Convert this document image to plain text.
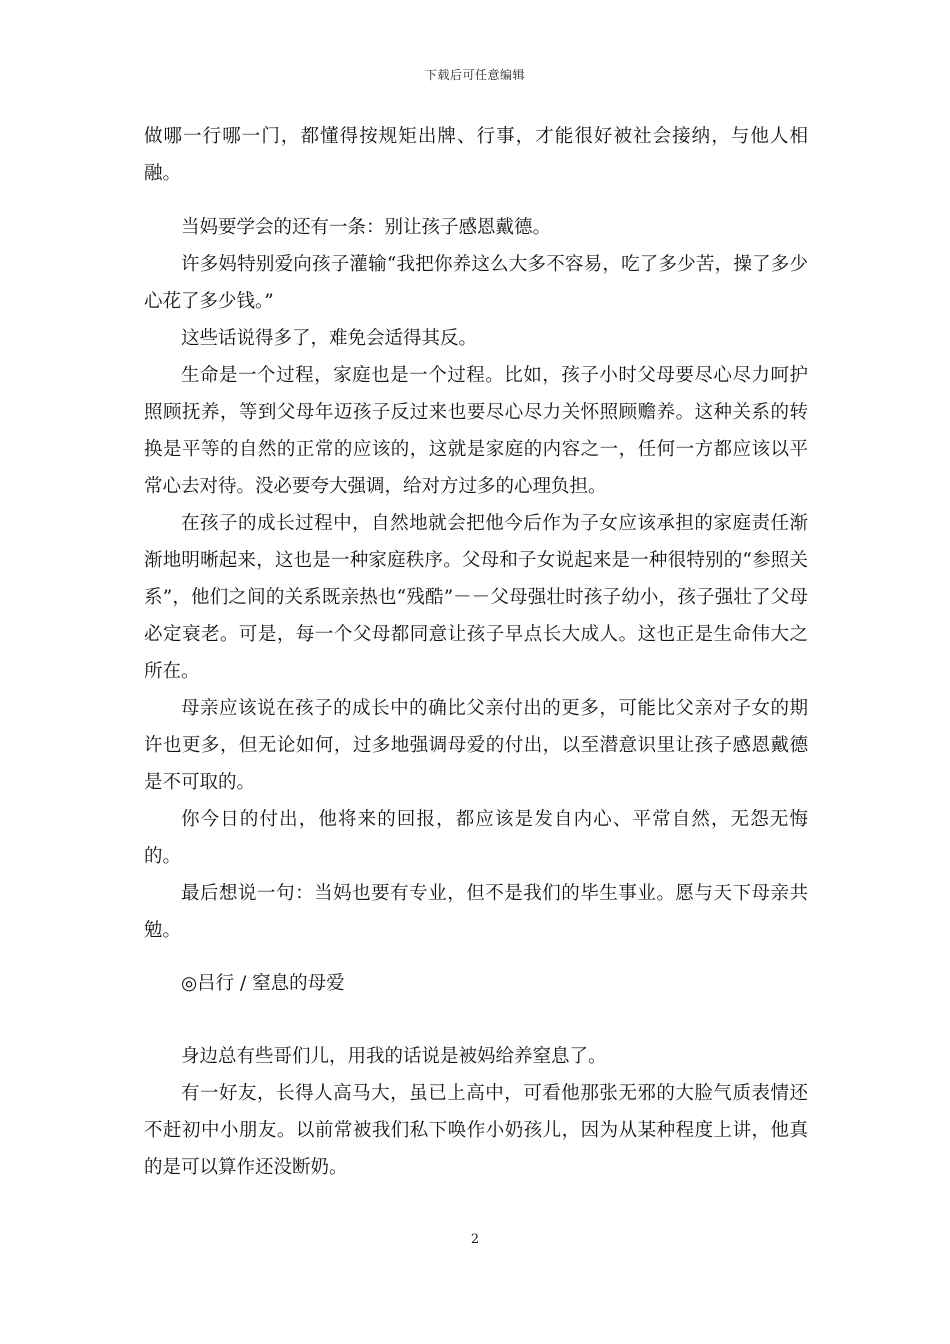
下载后可任意编辑

做哪一行哪一门，都懂得按规矩出牌、行事，才能很好被社会接纳，与他人相融。

当妈要学会的还有一条：别让孩子感恩戴德。

许多妈特别爱向孩子灌输“我把你养这么大多不容易，吃了多少苦，操了多少心花了多少钱。”

这些话说得多了，难免会适得其反。

生命是一个过程，家庭也是一个过程。比如，孩子小时父母要尽心尽力呵护照顾抚养，等到父母年迈孩子反过来也要尽心尽力关怀照顾赡养。这种关系的转换是平等的自然的正常的应该的，这就是家庭的内容之一，任何一方都应该以平常心去对待。没必要夸大强调，给对方过多的心理负担。

在孩子的成长过程中，自然地就会把他今后作为子女应该承担的家庭责任渐渐地明晰起来，这也是一种家庭秩序。父母和子女说起来是一种很特别的“参照关系”，他们之间的关系既亲热也“残酷”－－父母强壮时孩子幼小，孩子强壮了父母必定衰老。可是，每一个父母都同意让孩子早点长大成人。这也正是生命伟大之所在。

母亲应该说在孩子的成长中的确比父亲付出的更多，可能比父亲对子女的期许也更多，但无论如何，过多地强调母爱的付出，以至潜意识里让孩子感恩戴德是不可取的。

你今日的付出，他将来的回报，都应该是发自内心、平常自然，无怨无悔的。

最后想说一句：当妈也要有专业，但不是我们的毕生事业。愿与天下母亲共勉。

◎吕行 / 窒息的母爱

身边总有些哥们儿，用我的话说是被妈给养窒息了。

有一好友，长得人高马大，虽已上高中，可看他那张无邪的大脸气质表情还不赶初中小朋友。以前常被我们私下唤作小奶孩儿，因为从某种程度上讲，他真的是可以算作还没断奶。

2
